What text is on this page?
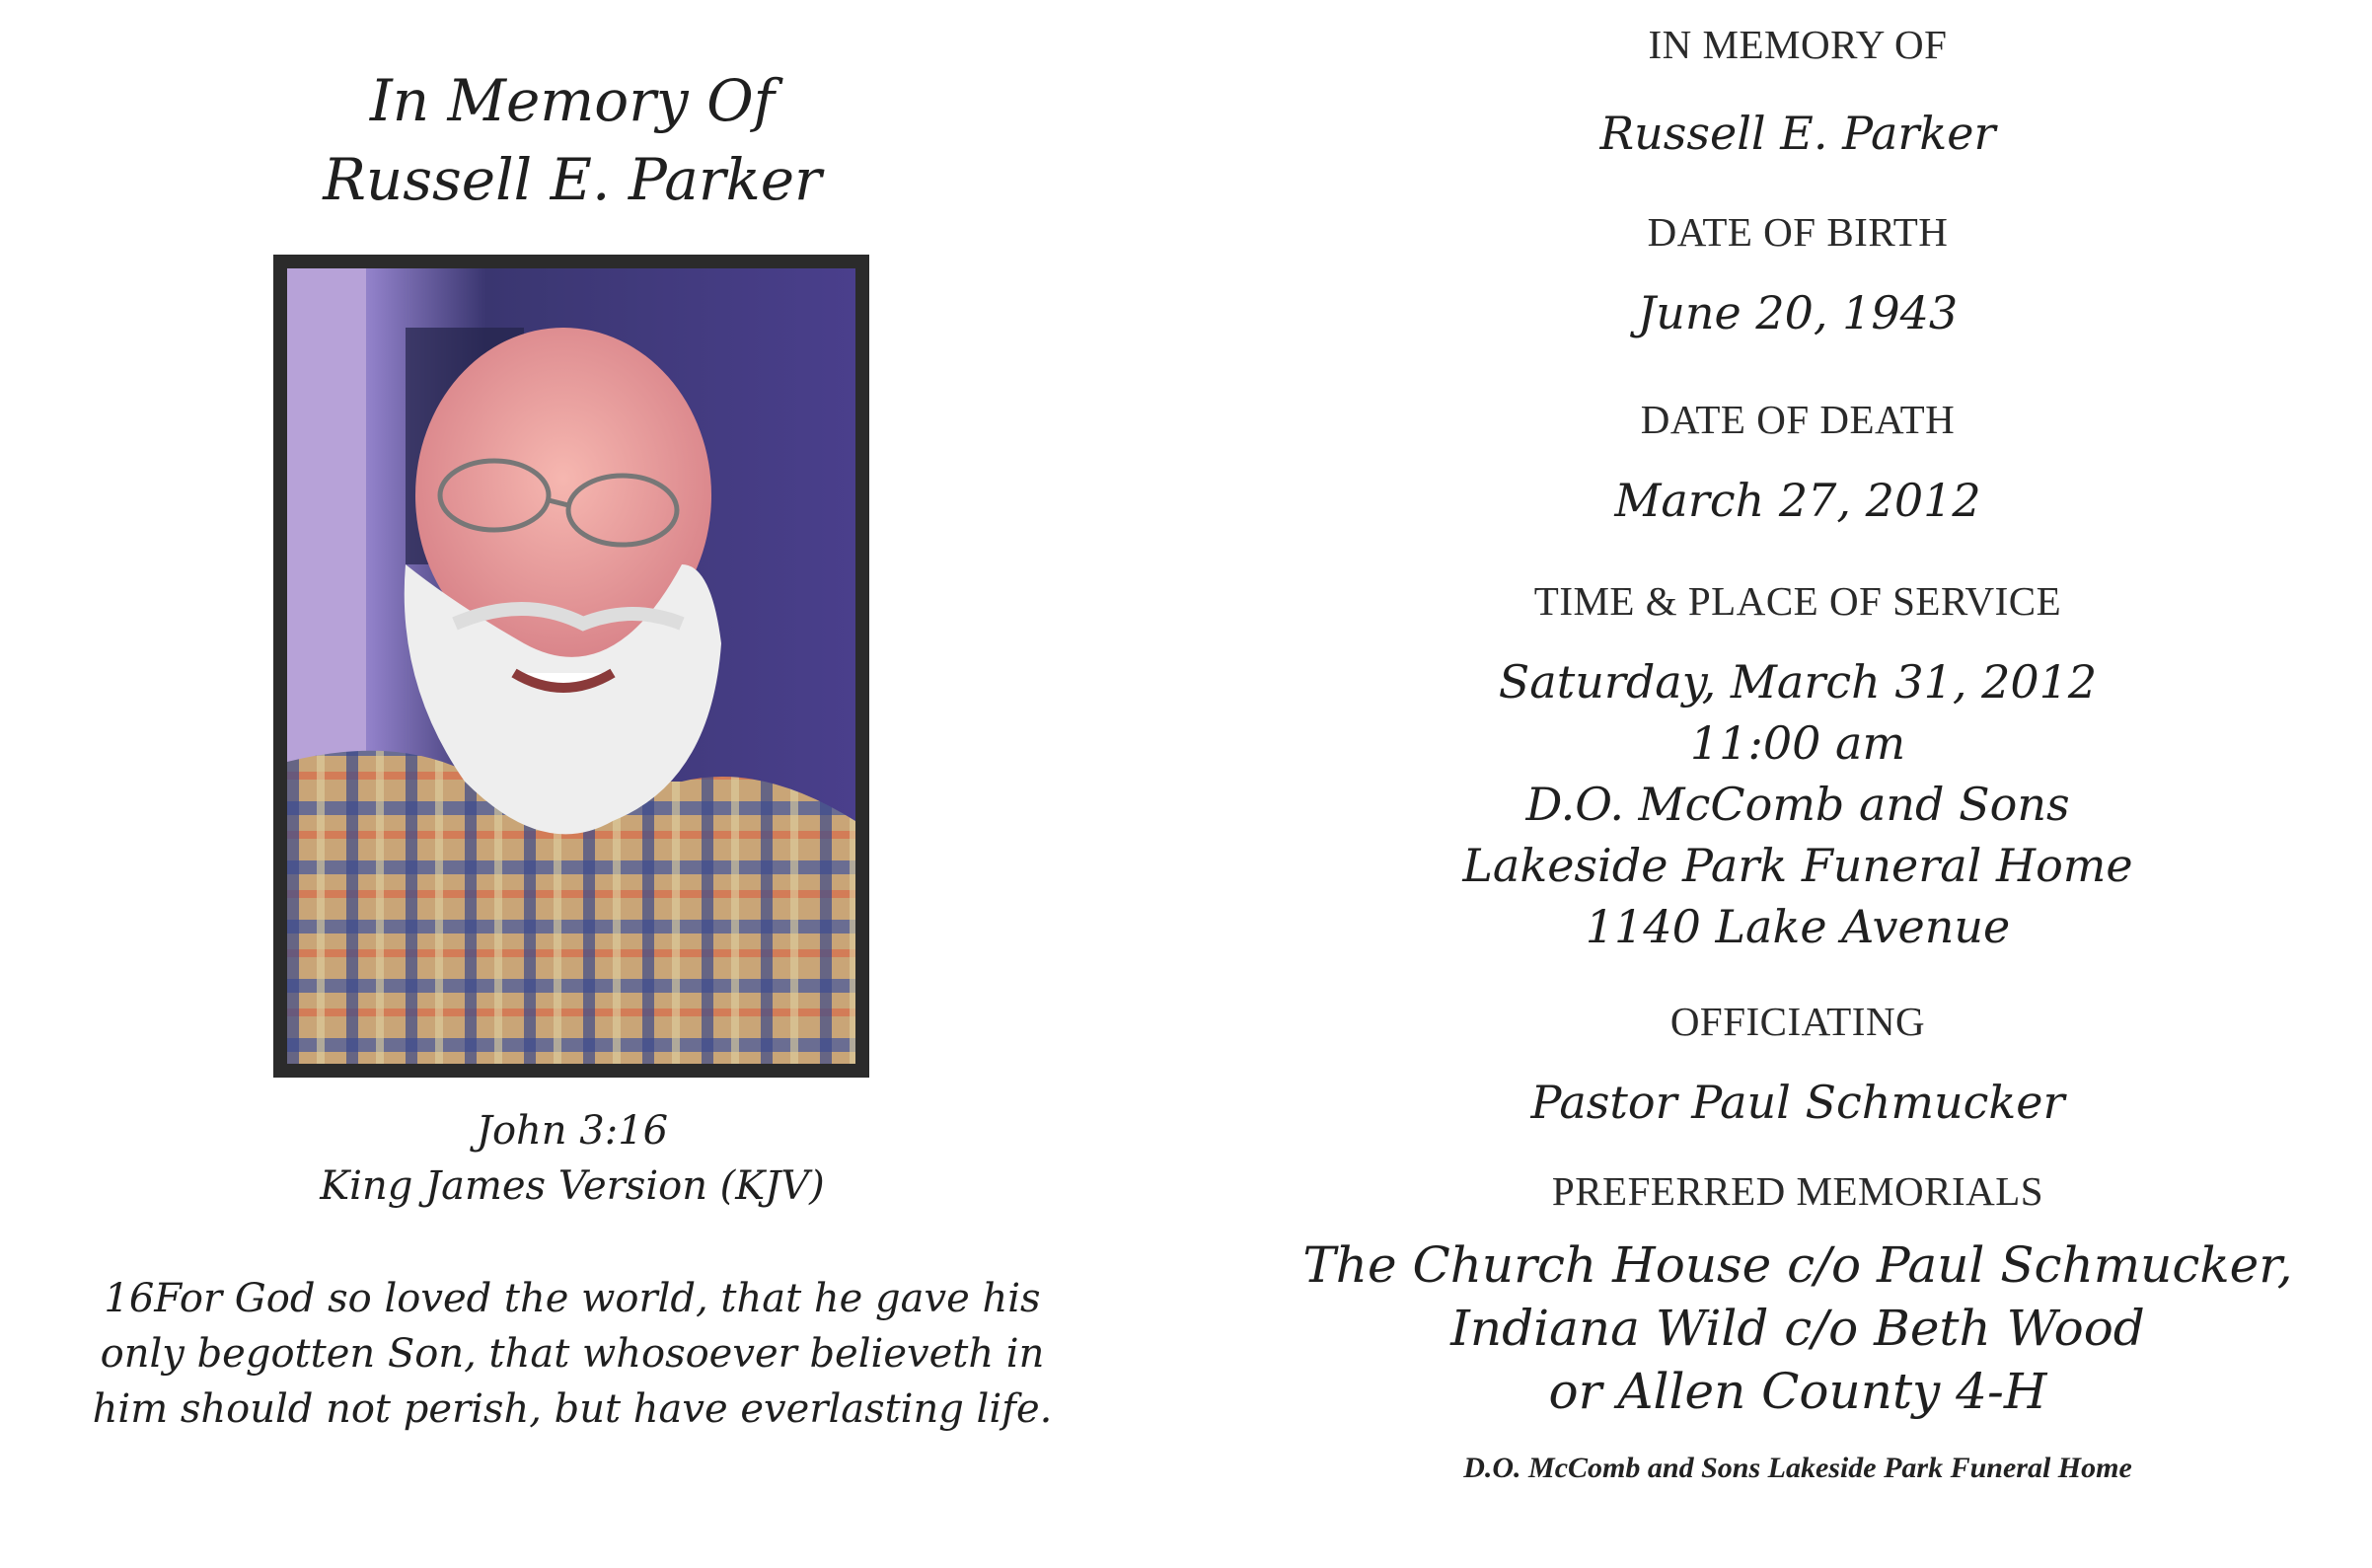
In Memory Of
Russell E. Parker
John 3:16
King James Version (KJV)
16For God so loved the world, that he gave his
only begotten Son, that whosoever believeth in
him should not perish, but have everlasting life.
IN MEMORY OF
Russell E. Parker
DATE OF BIRTH
June 20, 1943
DATE OF DEATH
March 27, 2012
TIME & PLACE OF SERVICE
Saturday, March 31, 2012
11:00 am
D.O. McComb and Sons
Lakeside Park Funeral Home
1140 Lake Avenue
OFFICIATING
Pastor Paul Schmucker
PREFERRED MEMORIALS
The Church House c/o Paul Schmucker,
Indiana Wild c/o Beth Wood
or Allen County 4-H
D.O. McComb and Sons Lakeside Park Funeral Home
